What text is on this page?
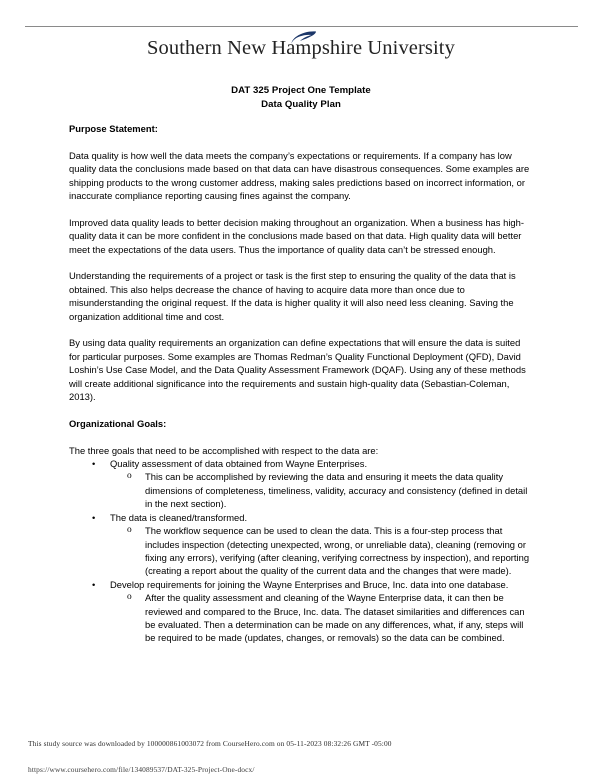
Southern New Hampshire University
DAT 325 Project One Template
Data Quality Plan
Purpose Statement:

Data quality is how well the data meets the company’s expectations or requirements. If a company has low quality data the conclusions made based on that data can have disastrous consequences. Some examples are shipping products to the wrong customer address, making sales predictions based on incorrect information, or inaccurate compliance reporting causing fines against the company.

Improved data quality leads to better decision making throughout an organization. When a business has high-quality data it can be more confident in the conclusions made based on that data. High quality data will better meet the expectations of the data users. Thus the importance of quality data can’t be stressed enough.

Understanding the requirements of a project or task is the first step to ensuring the quality of the data that is obtained. This also helps decrease the chance of having to acquire data more than once due to misunderstanding the original request. If the data is higher quality it will also need less cleaning. Saving the organization additional time and cost.

By using data quality requirements an organization can define expectations that will ensure the data is suited for particular purposes. Some examples are Thomas Redman’s Quality Functional Deployment (QFD), David Loshin’s Use Case Model, and the Data Quality Assessment Framework (DQAF). Using any of these methods will create additional significance into the requirements and sustain high-quality data (Sebastian-Coleman, 2013).

Organizational Goals:

The three goals that need to be accomplished with respect to the data are:

• Quality assessment of data obtained from Wayne Enterprises.
o This can be accomplished by reviewing the data and ensuring it meets the data quality dimensions of completeness, timeliness, validity, accuracy and consistency (defined in detail in the next section).
• The data is cleaned/transformed.
o The workflow sequence can be used to clean the data. This is a four-step process that includes inspection (detecting unexpected, wrong, or unreliable data), cleaning (removing or fixing any errors), verifying (after cleaning, verifying correctness by inspection), and reporting (creating a report about the quality of the current data and the changes that were made).
• Develop requirements for joining the Wayne Enterprises and Bruce, Inc. data into one database.
o After the quality assessment and cleaning of the Wayne Enterprise data, it can then be reviewed and compared to the Bruce, Inc. data. The dataset similarities and differences can be evaluated. Then a determination can be made on any differences, what, if any, steps will be required to be made (updates, changes, or removals) so the data can be combined.
This study source was downloaded by 100000861003072 from CourseHero.com on 05-11-2023 08:32:26 GMT -05:00
https://www.coursehero.com/file/134089537/DAT-325-Project-One-docx/
